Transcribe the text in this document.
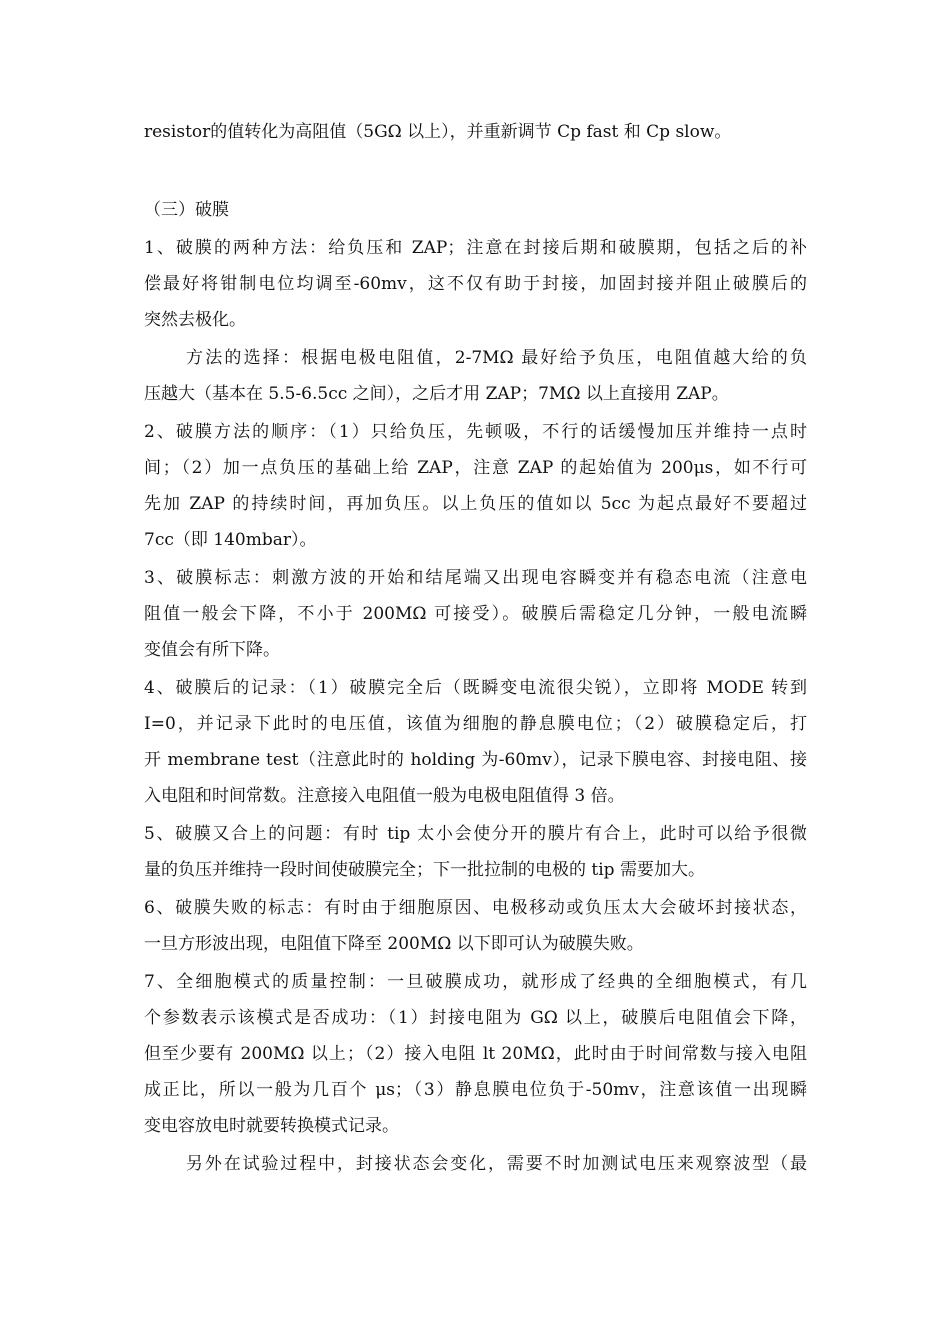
resistor的值转化为高阻值（5GΩ 以上），并重新调节 Cp fast 和 Cp slow。
（三）破膜
1、破膜的两种方法：给负压和 ZAP；注意在封接后期和破膜期，包括之后的补
偿最好将钳制电位均调至-60mv，这不仅有助于封接，加固封接并阻止破膜后的
突然去极化。
方法的选择：根据电极电阻值，2-7MΩ 最好给予负压，电阻值越大给的负
压越大（基本在 5.5-6.5cc 之间），之后才用 ZAP；7MΩ 以上直接用 ZAP。
2、破膜方法的顺序：（1）只给负压，先顿吸，不行的话缓慢加压并维持一点时
间；（2）加一点负压的基础上给 ZAP，注意 ZAP 的起始值为 200μs，如不行可
先加 ZAP 的持续时间，再加负压。以上负压的值如以 5cc 为起点最好不要超过
7cc（即 140mbar）。
3、破膜标志：刺激方波的开始和结尾端又出现电容瞬变并有稳态电流（注意电
阻值一般会下降，不小于 200MΩ 可接受）。破膜后需稳定几分钟，一般电流瞬
变值会有所下降。
4、破膜后的记录：（1）破膜完全后（既瞬变电流很尖锐），立即将 MODE 转到
I=0，并记录下此时的电压值，该值为细胞的静息膜电位；（2）破膜稳定后，打
开 membrane test（注意此时的 holding 为-60mv），记录下膜电容、封接电阻、接
入电阻和时间常数。注意接入电阻值一般为电极电阻值得 3 倍。
5、破膜又合上的问题：有时 tip 太小会使分开的膜片有合上，此时可以给予很微
量的负压并维持一段时间使破膜完全；下一批拉制的电极的 tip 需要加大。
6、破膜失败的标志：有时由于细胞原因、电极移动或负压太大会破坏封接状态，
一旦方形波出现，电阻值下降至 200MΩ 以下即可认为破膜失败。
7、全细胞模式的质量控制：一旦破膜成功，就形成了经典的全细胞模式，有几
个参数表示该模式是否成功：（1）封接电阻为 GΩ 以上，破膜后电阻值会下降，
但至少要有 200MΩ 以上；（2）接入电阻 lt 20MΩ，此时由于时间常数与接入电阻
成正比，所以一般为几百个 μs；（3）静息膜电位负于-50mv，注意该值一出现瞬
变电容放电时就要转换模式记录。
另外在试验过程中，封接状态会变化，需要不时加测试电压来观察波型（最
